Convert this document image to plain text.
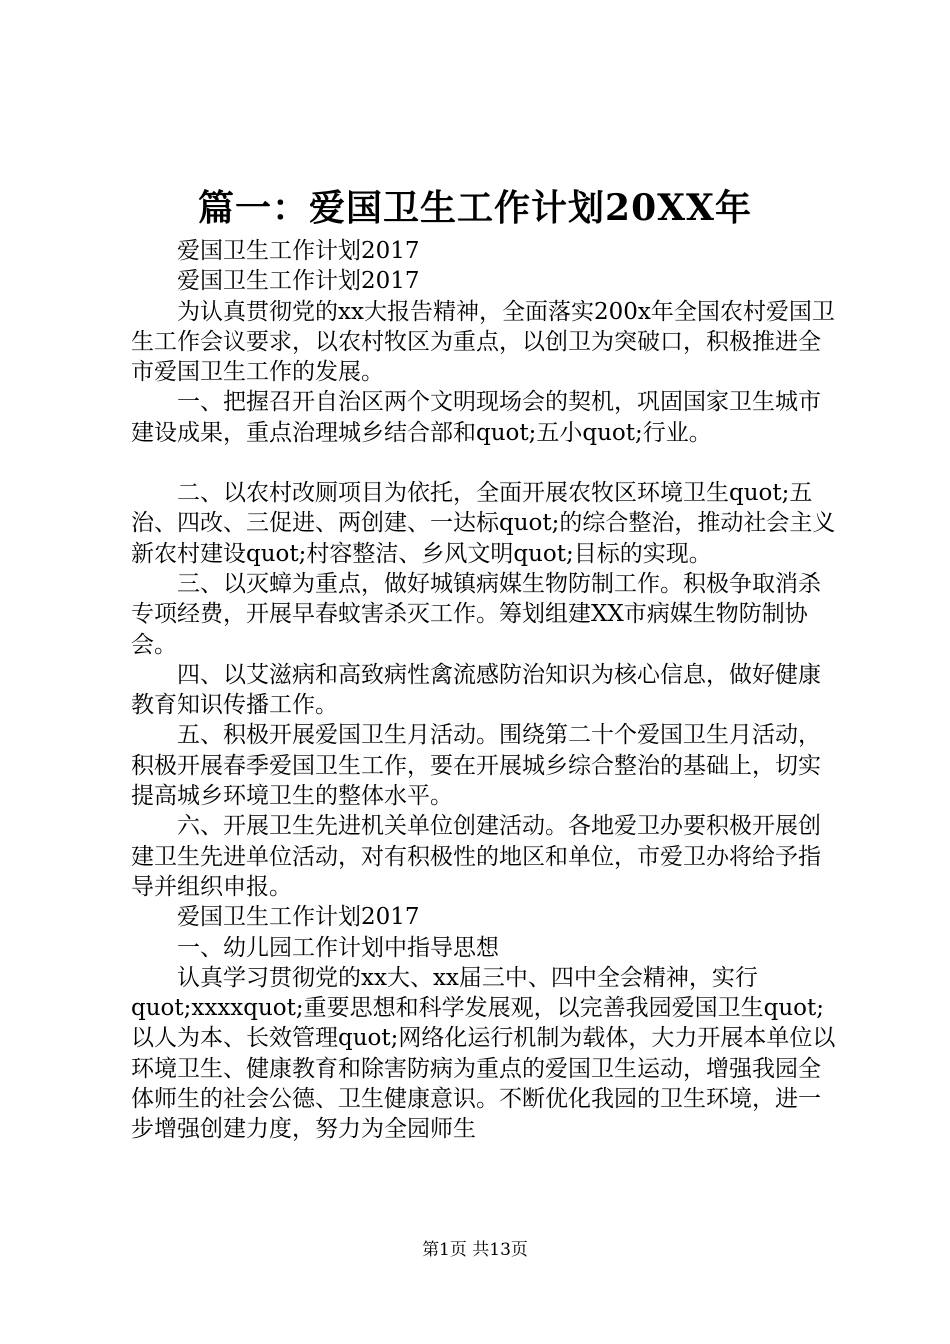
篇一：爱国卫生工作计划20XX年

爱国卫生工作计划2017

爱国卫生工作计划2017

为认真贯彻党的xx大报告精神，全面落实200x年全国农村爱国卫生工作会议要求，以农村牧区为重点，以创卫为突破口，积极推进全市爱国卫生工作的发展。

一、把握召开自治区两个文明现场会的契机，巩固国家卫生城市建设成果，重点治理城乡结合部和quot;五小quot;行业。

二、以农村改厕项目为依托，全面开展农牧区环境卫生quot;五治、四改、三促进、两创建、一达标quot;的综合整治，推动社会主义新农村建设quot;村容整洁、乡风文明quot;目标的实现。

三、以灭蟑为重点，做好城镇病媒生物防制工作。积极争取消杀专项经费，开展早春蚊害杀灭工作。筹划组建XX市病媒生物防制协会。

四、以艾滋病和高致病性禽流感防治知识为核心信息，做好健康教育知识传播工作。

五、积极开展爱国卫生月活动。围绕第二十个爱国卫生月活动，积极开展春季爱国卫生工作，要在开展城乡综合整治的基础上，切实提高城乡环境卫生的整体水平。

六、开展卫生先进机关单位创建活动。各地爱卫办要积极开展创建卫生先进单位活动，对有积极性的地区和单位，市爱卫办将给予指导并组织申报。

爱国卫生工作计划2017

一、幼儿园工作计划中指导思想

认真学习贯彻党的xx大、xx届三中、四中全会精神，实行quot;xxxxquot;重要思想和科学发展观，以完善我园爱国卫生quot;以人为本、长效管理quot;网络化运行机制为载体，大力开展本单位以环境卫生、健康教育和除害防病为重点的爱国卫生运动，增强我园全体师生的社会公德、卫生健康意识。不断优化我园的卫生环境，进一步增强创建力度，努力为全园师生

第1页 共13页
